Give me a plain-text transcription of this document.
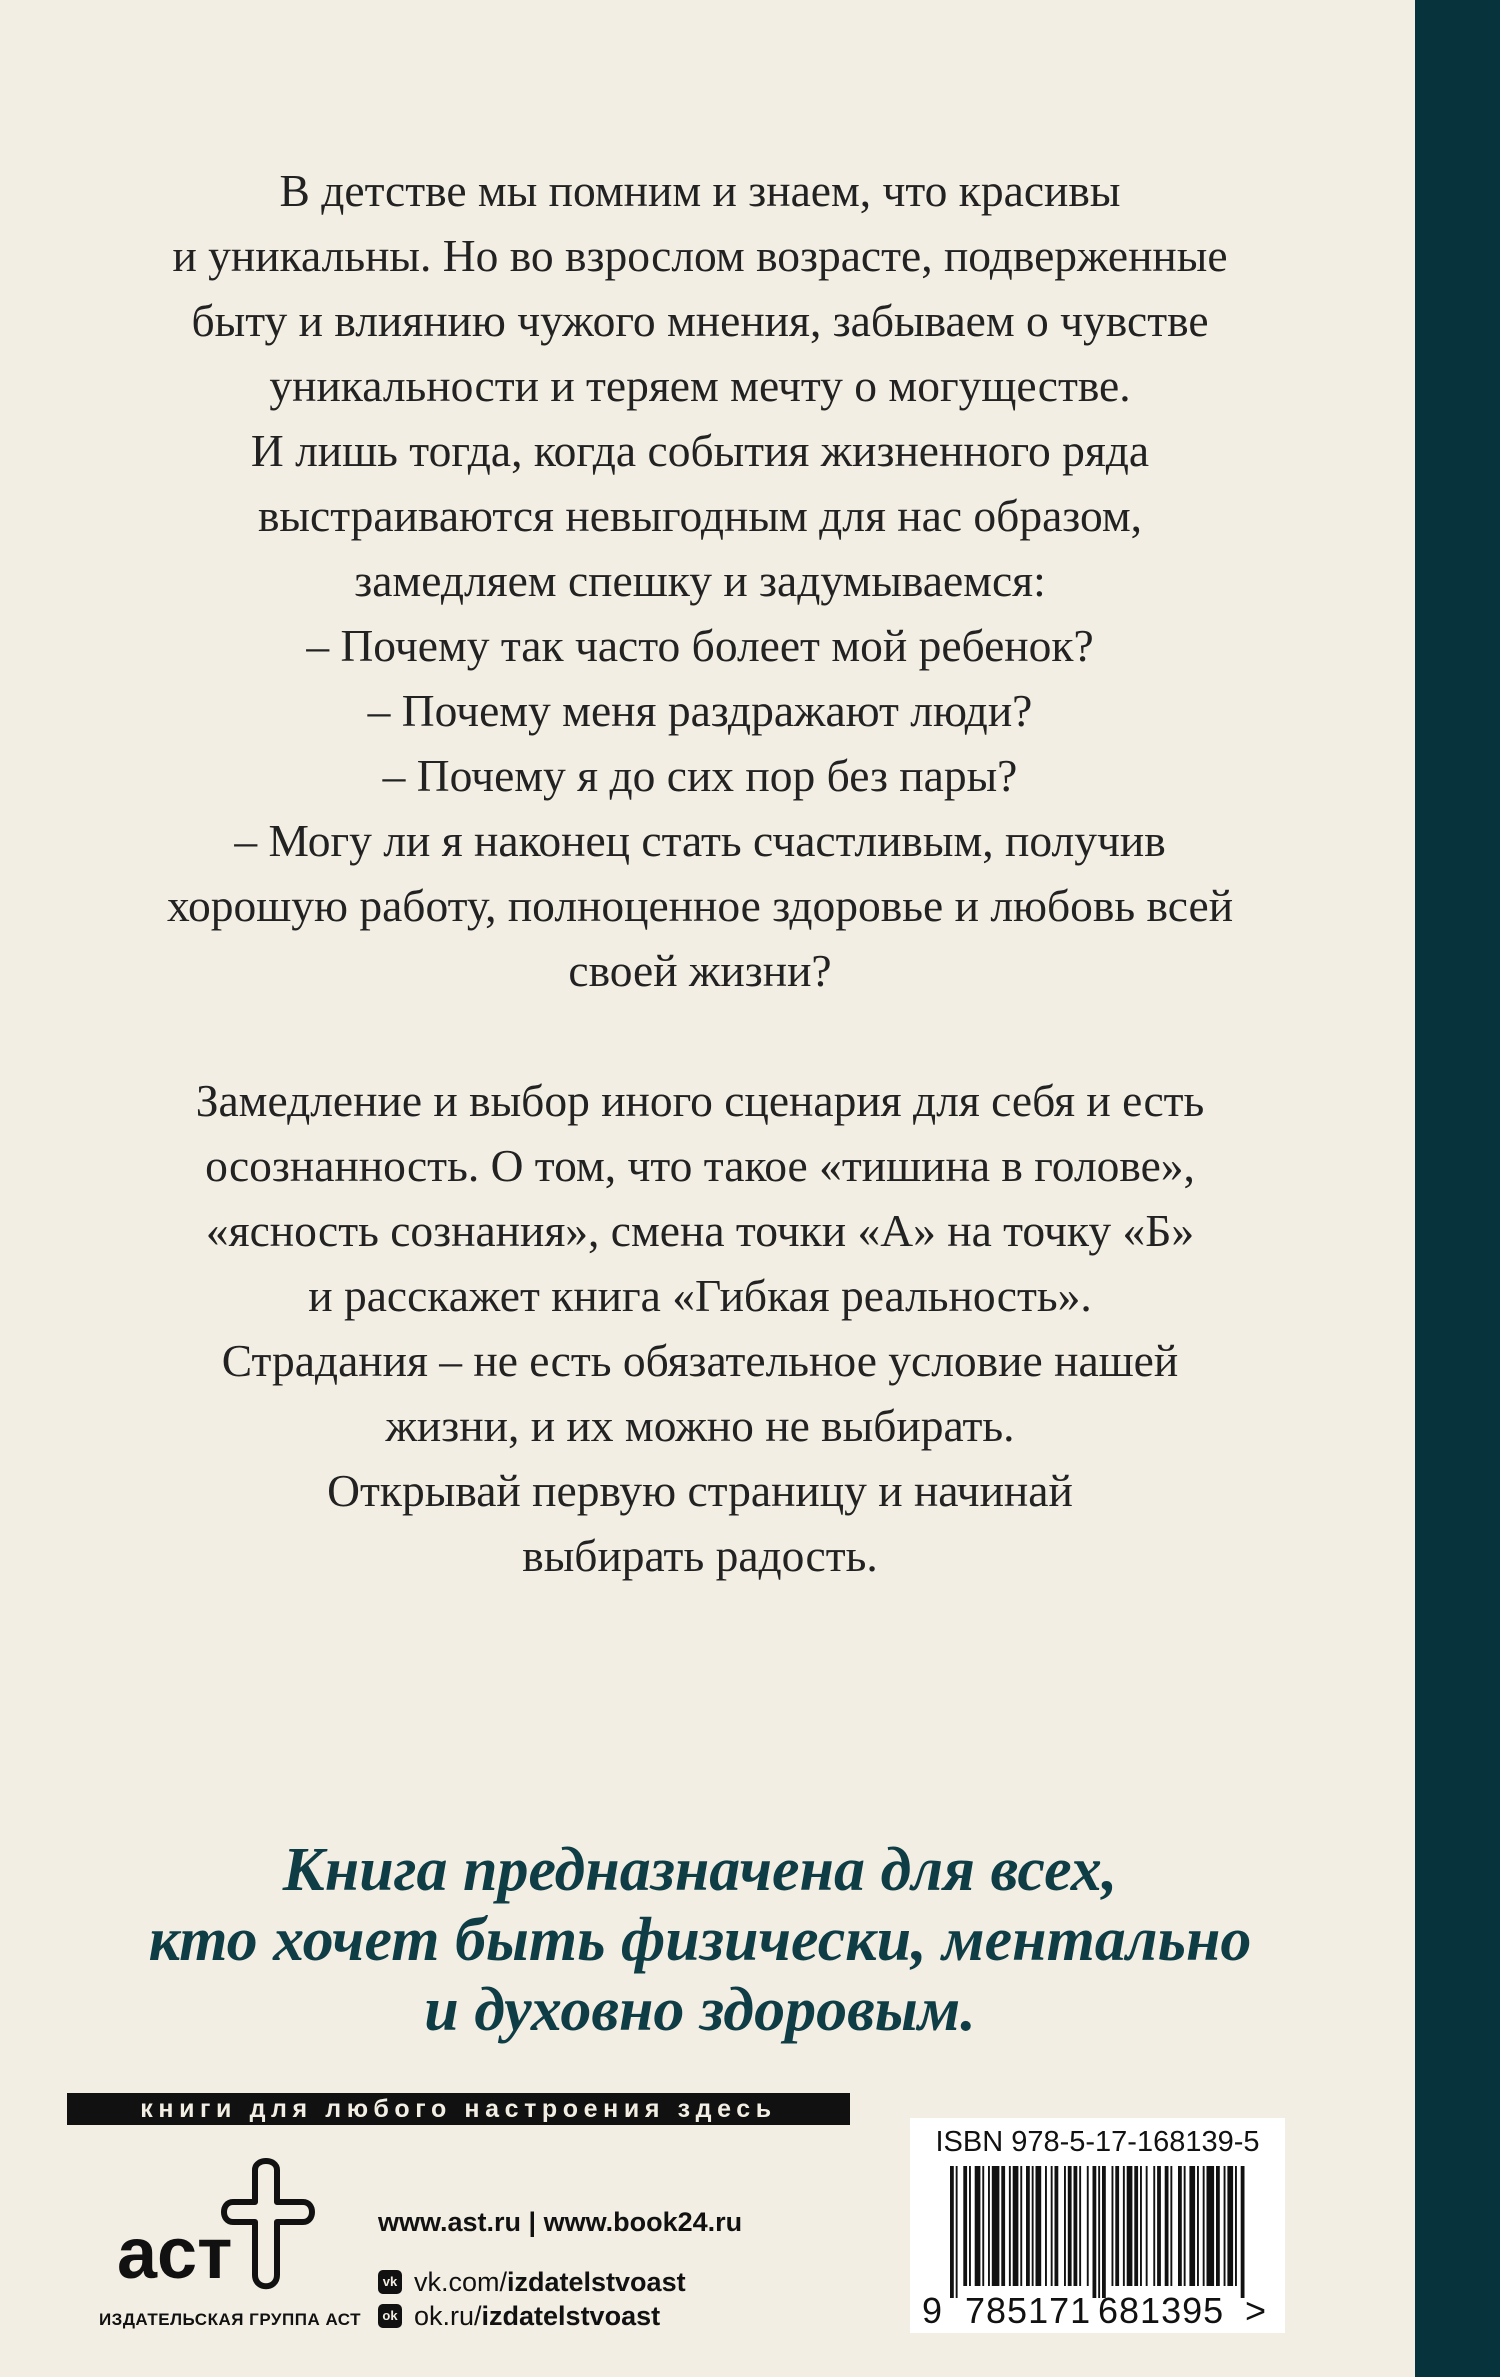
В детстве мы помним и знаем, что красивы

и уникальны. Но во взрослом возрасте, подверженные

быту и влиянию чужого мнения, забываем о чувстве

уникальности и теряем мечту о могуществе.

И лишь тогда, когда события жизненного ряда

выстраиваются невыгодным для нас образом,

замедляем спешку и задумываемся:

– Почему так часто болеет мой ребенок?

– Почему меня раздражают люди?

– Почему я до сих пор без пары?

– Могу ли я наконец стать счастливым, получив

хорошую работу, полноценное здоровье и любовь всей

своей жизни?

Замедление и выбор иного сценария для себя и есть

осознанность. О том, что такое «тишина в голове»,

«ясность сознания», смена точки «А» на точку «Б»

и расскажет книга «Гибкая реальность».

Страдания – не есть обязательное условие нашей

жизни, и их можно не выбирать.

Открывай первую страницу и начинай

выбирать радость.

Книга предназначена для всех,

кто хочет быть физически, ментально

и духовно здоровым.

книги для любого настроения здесь
аст
ИЗДАТЕЛЬСКАЯ ГРУППА АСТ
www.ast.ru | www.book24.ru
vk vk.com/ izdatelstvoast
ok ok.ru/ izdatelstvoast
ISBN 978-5-17-168139-5
9 785171 681395 >
